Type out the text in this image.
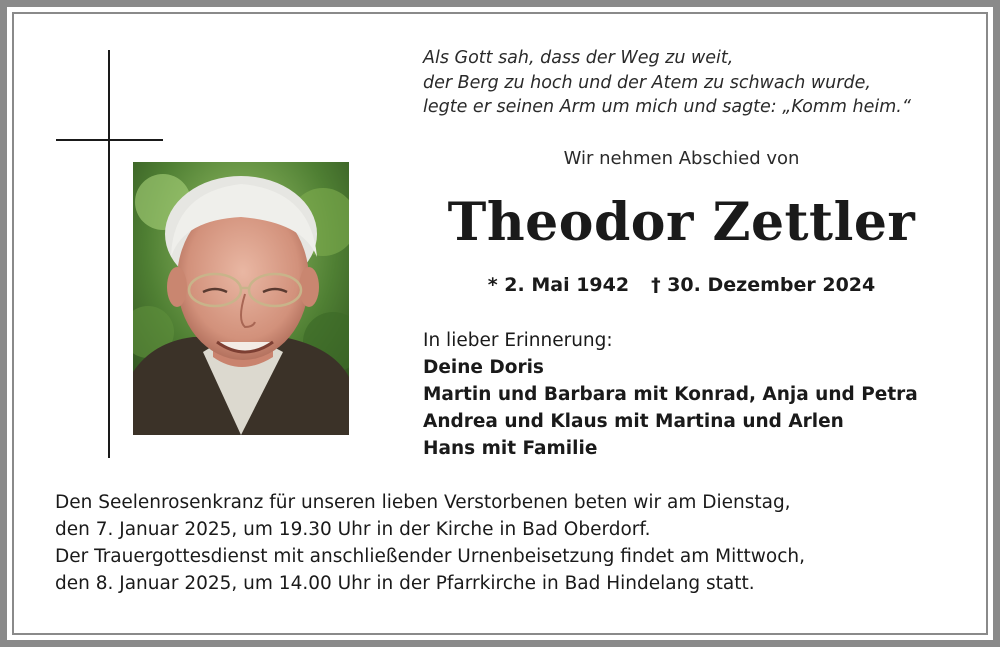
Als Gott sah, dass der Weg zu weit,
der Berg zu hoch und der Atem zu schwach wurde,
legte er seinen Arm um mich und sagte: „Komm heim.“
Wir nehmen Abschied von
Theodor Zettler
* 2. Mai 1942 † 30. Dezember 2024
In lieber Erinnerung:
Deine Doris
Martin und Barbara mit Konrad, Anja und Petra
Andrea und Klaus mit Martina und Arlen
Hans mit Familie
Den Seelenrosenkranz für unseren lieben Verstorbenen beten wir am Dienstag,
den 7. Januar 2025, um 19.30 Uhr in der Kirche in Bad Oberdorf.
Der Trauergottesdienst mit anschließender Urnenbeisetzung findet am Mittwoch,
den 8. Januar 2025, um 14.00 Uhr in der Pfarrkirche in Bad Hindelang statt.
